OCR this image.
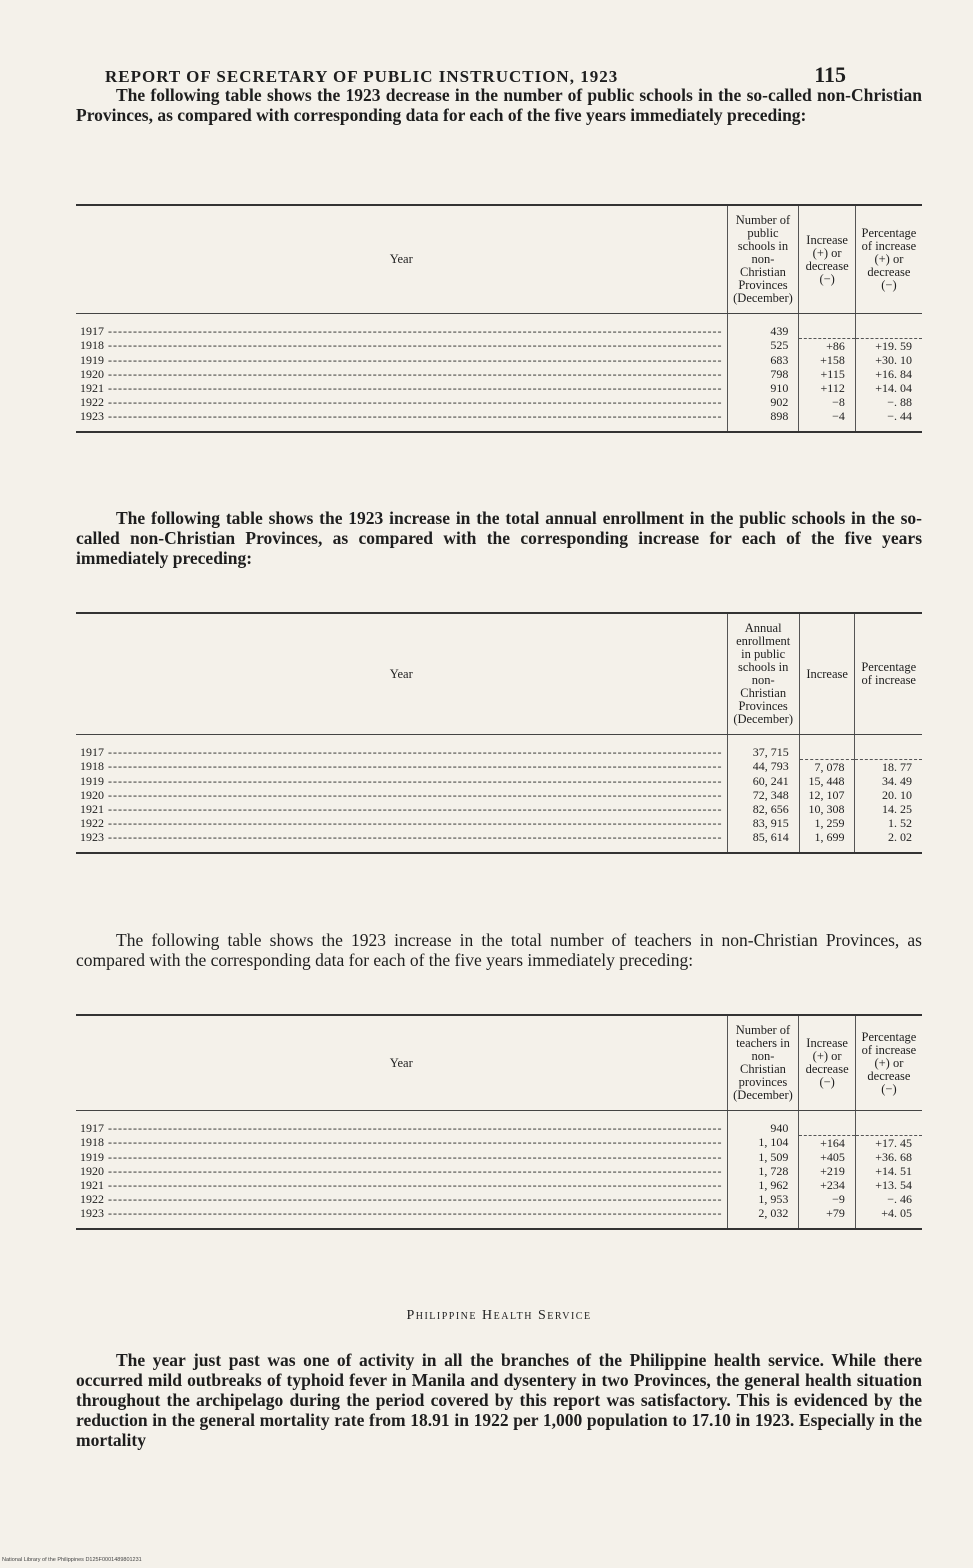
REPORT OF SECRETARY OF PUBLIC INSTRUCTION, 1923	115

The following table shows the 1923 decrease in the number of public schools in the so-called non-Christian Provinces, as compared with corresponding data for each of the five years immediately preceding:

Year	Number of public schools in non-Christian Provinces (December)	Increase (+) or decrease (−)	Percentage of increase (+) or decrease (−)
1917 -----	439		
1918 -----	525	+86	+19. 59
1919 -----	683	+158	+30. 10
1920 -----	798	+115	+16. 84
1921 -----	910	+112	+14. 04
1922 -----	902	−8	−. 88
1923 -----	898	−4	−. 44

The following table shows the 1923 increase in the total annual enrollment in the public schools in the so-called non-Christian Provinces, as compared with the corresponding increase for each of the five years immediately preceding:

Year	Annual enrollment in public schools in non-Christian Provinces (December)	Increase	Percentage of increase
1917 -----	37, 715		
1918 -----	44, 793	7, 078	18. 77
1919 -----	60, 241	15, 448	34. 49
1920 -----	72, 348	12, 107	20. 10
1921 -----	82, 656	10, 308	14. 25
1922 -----	83, 915	1, 259	1. 52
1923 -----	85, 614	1, 699	2. 02

The following table shows the 1923 increase in the total number of teachers in non-Christian Provinces, as compared with the corresponding data for each of the five years immediately preceding:

Year	Number of teachers in non-Christian provinces (December)	Increase (+) or decrease (−)	Percentage of increase (+) or decrease (−)
1917 -----	940		
1918 -----	1, 104	+164	+17. 45
1919 -----	1, 509	+405	+36. 68
1920 -----	1, 728	+219	+14. 51
1921 -----	1, 962	+234	+13. 54
1922 -----	1, 953	−9	−. 46
1923 -----	2, 032	+79	+4. 05
Philippine Health Service

The year just past was one of activity in all the branches of the Philippine health service. While there occurred mild outbreaks of typhoid fever in Manila and dysentery in two Provinces, the general health situation throughout the archipelago during the period covered by this report was satisfactory. This is evidenced by the reduction in the general mortality rate from 18.91 in 1922 per 1,000 population to 17.10 in 1923. Especially in the mortality

National Library of the Philippines D125F0001489801231
